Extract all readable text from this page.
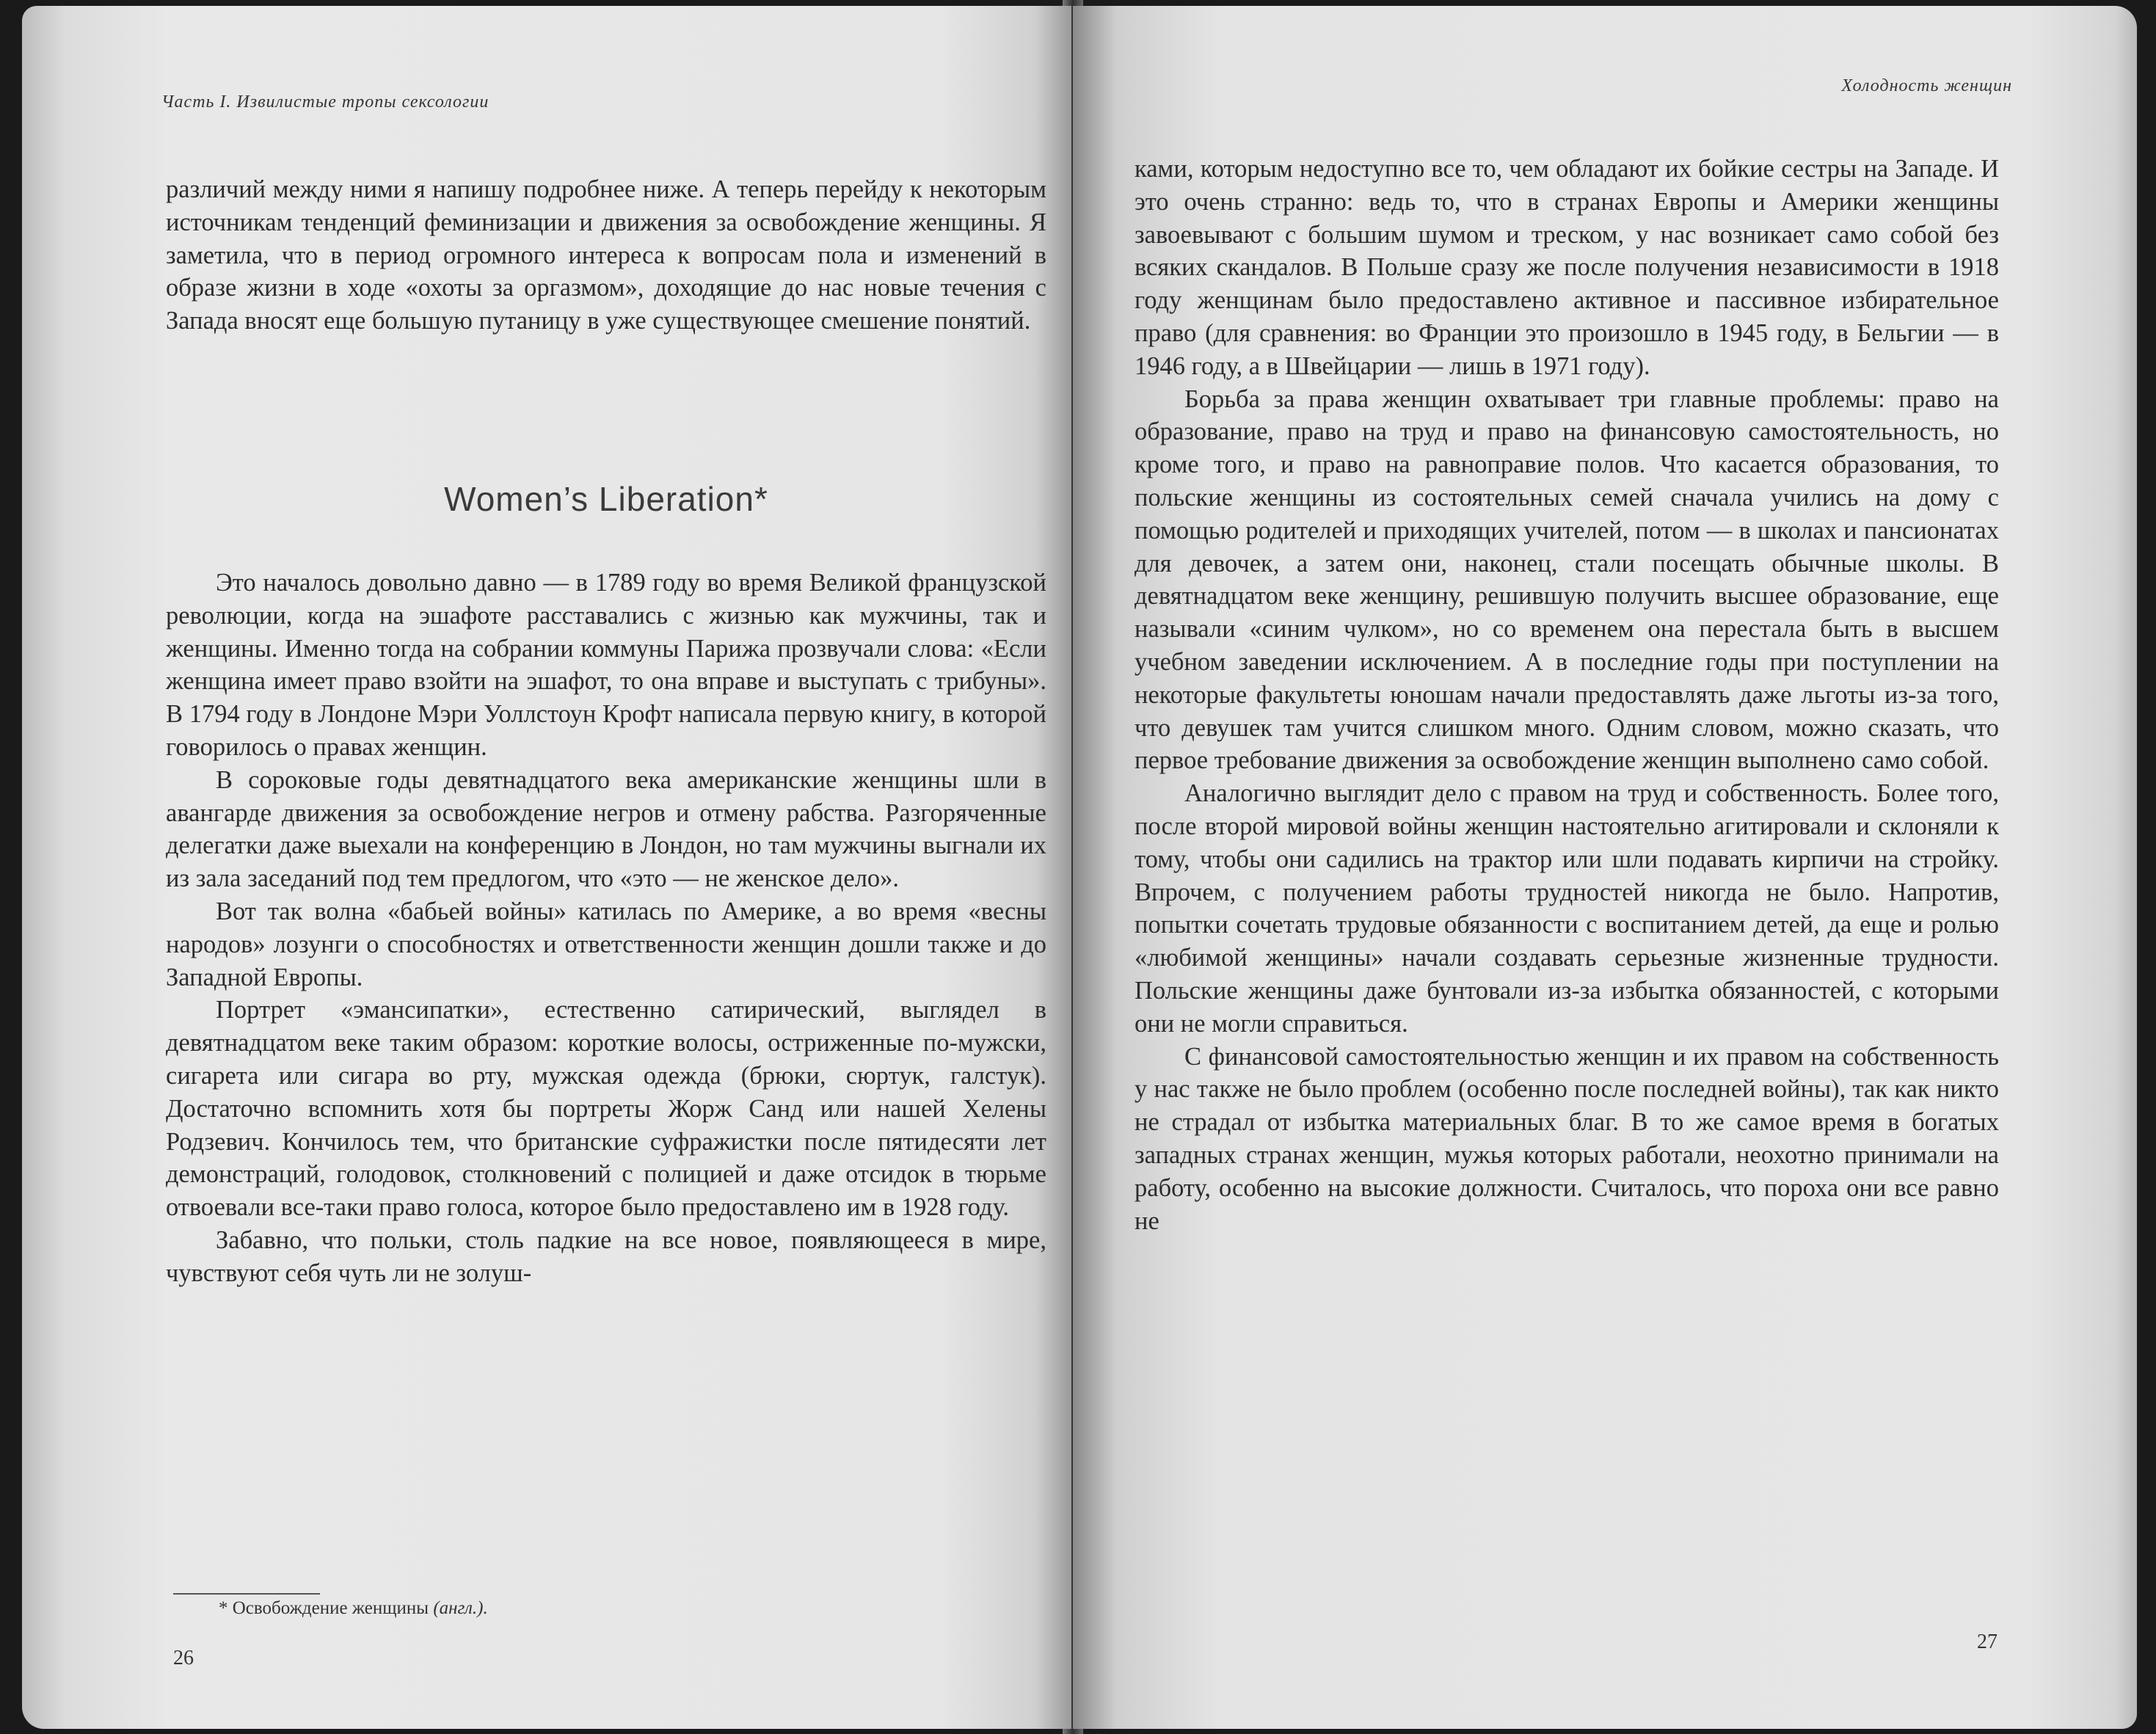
Часть I. Извилистые тропы сексологии

различий между ними я напишу подробнее ниже. А теперь перейду к некоторым источникам тенденций феминизации и движения за освобождение женщины. Я заметила, что в период огромного интереса к вопросам пола и изменений в образе жизни в ходе «охоты за оргазмом», доходящие до нас новые течения с Запада вносят еще большую путаницу в уже существующее смешение понятий.

Women’s Liberation*

Это началось довольно давно — в 1789 году во время Великой французской революции, когда на эшафоте расставались с жизнью как мужчины, так и женщины. Именно тогда на собрании коммуны Парижа прозвучали слова: «Если женщина имеет право взойти на эшафот, то она вправе и выступать с трибуны». В 1794 году в Лондоне Мэри Уоллстоун Крофт написала первую книгу, в которой говорилось о правах женщин.

В сороковые годы девятнадцатого века американские женщины шли в авангарде движения за освобождение негров и отмену рабства. Разгоряченные делегатки даже выехали на конференцию в Лондон, но там мужчины выгнали их из зала заседаний под тем предлогом, что «это — не женское дело».

Вот так волна «бабьей войны» катилась по Америке, а во время «весны народов» лозунги о способностях и ответственности женщин дошли также и до Западной Европы.

Портрет «эмансипатки», естественно сатирический, выглядел в девятнадцатом веке таким образом: короткие волосы, остриженные по-мужски, сигарета или сигара во рту, мужская одежда (брюки, сюртук, галстук). Достаточно вспомнить хотя бы портреты Жорж Санд или нашей Хелены Родзевич. Кончилось тем, что британские суфражистки после пятидесяти лет демонстраций, голодовок, столкновений с полицией и даже отсидок в тюрьме отвоевали все-таки право голоса, которое было предоставлено им в 1928 году.

Забавно, что польки, столь падкие на все новое, появляющееся в мире, чувствуют себя чуть ли не золуш-

* Освобождение женщины (англ.).
26
Холодность женщин

ками, которым недоступно все то, чем обладают их бойкие сестры на Западе. И это очень странно: ведь то, что в странах Европы и Америки женщины завоевывают с большим шумом и треском, у нас возникает само собой без всяких скандалов. В Польше сразу же после получения независимости в 1918 году женщинам было предоставлено активное и пассивное избирательное право (для сравнения: во Франции это произошло в 1945 году, в Бельгии — в 1946 году, а в Швейцарии — лишь в 1971 году).

Борьба за права женщин охватывает три главные проблемы: право на образование, право на труд и право на финансовую самостоятельность, но кроме того, и право на равноправие полов. Что касается образования, то польские женщины из состоятельных семей сначала учились на дому с помощью родителей и приходящих учителей, потом — в школах и пансионатах для девочек, а затем они, наконец, стали посещать обычные школы. В девятнадцатом веке женщину, решившую получить высшее образование, еще называли «синим чулком», но со временем она перестала быть в высшем учебном заведении исключением. А в последние годы при поступлении на некоторые факультеты юношам начали предоставлять даже льготы из-за того, что девушек там учится слишком много. Одним словом, можно сказать, что первое требование движения за освобождение женщин выполнено само собой.

Аналогично выглядит дело с правом на труд и собственность. Более того, после второй мировой войны женщин настоятельно агитировали и склоняли к тому, чтобы они садились на трактор или шли подавать кирпичи на стройку. Впрочем, с получением работы трудностей никогда не было. Напротив, попытки сочетать трудовые обязанности с воспитанием детей, да еще и ролью «любимой женщины» начали создавать серьезные жизненные трудности. Польские женщины даже бунтовали из-за избытка обязанностей, с которыми они не могли справиться.

С финансовой самостоятельностью женщин и их правом на собственность у нас также не было проблем (особенно после последней войны), так как никто не страдал от избытка материальных благ. В то же самое время в богатых западных странах женщин, мужья которых работали, неохотно принимали на работу, особенно на высокие должности. Считалось, что пороха они все равно не

27
